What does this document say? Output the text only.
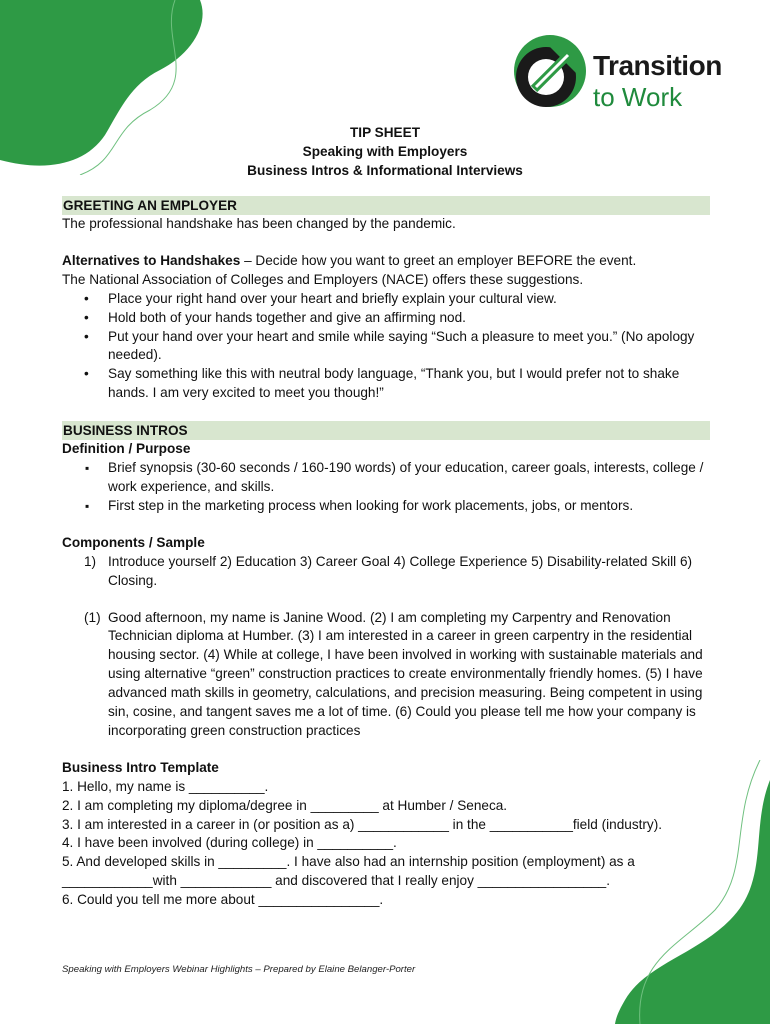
Transition
to Work
TIP SHEET
Speaking with Employers
Business Intros & Informational Interviews
GREETING AN EMPLOYER

The professional handshake has been changed by the pandemic.

Alternatives to Handshakes – Decide how you want to greet an employer BEFORE the event.

The National Association of Colleges and Employers (NACE) offers these suggestions.

• Place your right hand over your heart and briefly explain your cultural view.
• Hold both of your hands together and give an affirming nod.
• Put your hand over your heart and smile while saying “Such a pleasure to meet you.” (No apology needed).
• Say something like this with neutral body language, “Thank you, but I would prefer not to shake hands. I am very excited to meet you though!”
BUSINESS INTROS

Definition / Purpose

▪ Brief synopsis (30-60 seconds / 160-190 words) of your education, career goals, interests, college / work experience, and skills.
▪ First step in the marketing process when looking for work placements, jobs, or mentors.

Components / Sample

1) Introduce yourself 2) Education 3) Career Goal 4) College Experience 5) Disability-related Skill 6) Closing.
(1) Good afternoon, my name is Janine Wood. (2) I am completing my Carpentry and Renovation Technician diploma at Humber. (3) I am interested in a career in green carpentry in the residential housing sector. (4) While at college, I have been involved in working with sustainable materials and using alternative “green” construction practices to create environmentally friendly homes. (5) I have advanced math skills in geometry, calculations, and precision measuring. Being competent in using sin, cosine, and tangent saves me a lot of time. (6) Could you please tell me how your company is incorporating green construction practices

Business Intro Template

1. Hello, my name is __________.

2. I am completing my diploma/degree in _________ at Humber / Seneca.

3. I am interested in a career in (or position as a) ____________ in the ___________field (industry).

4. I have been involved (during college) in __________.

5. And developed skills in _________. I have also had an internship position (employment) as a ____________with ____________ and discovered that I really enjoy _________________.

6. Could you tell me more about ________________.

Speaking with Employers Webinar Highlights – Prepared by Elaine Belanger-Porter
